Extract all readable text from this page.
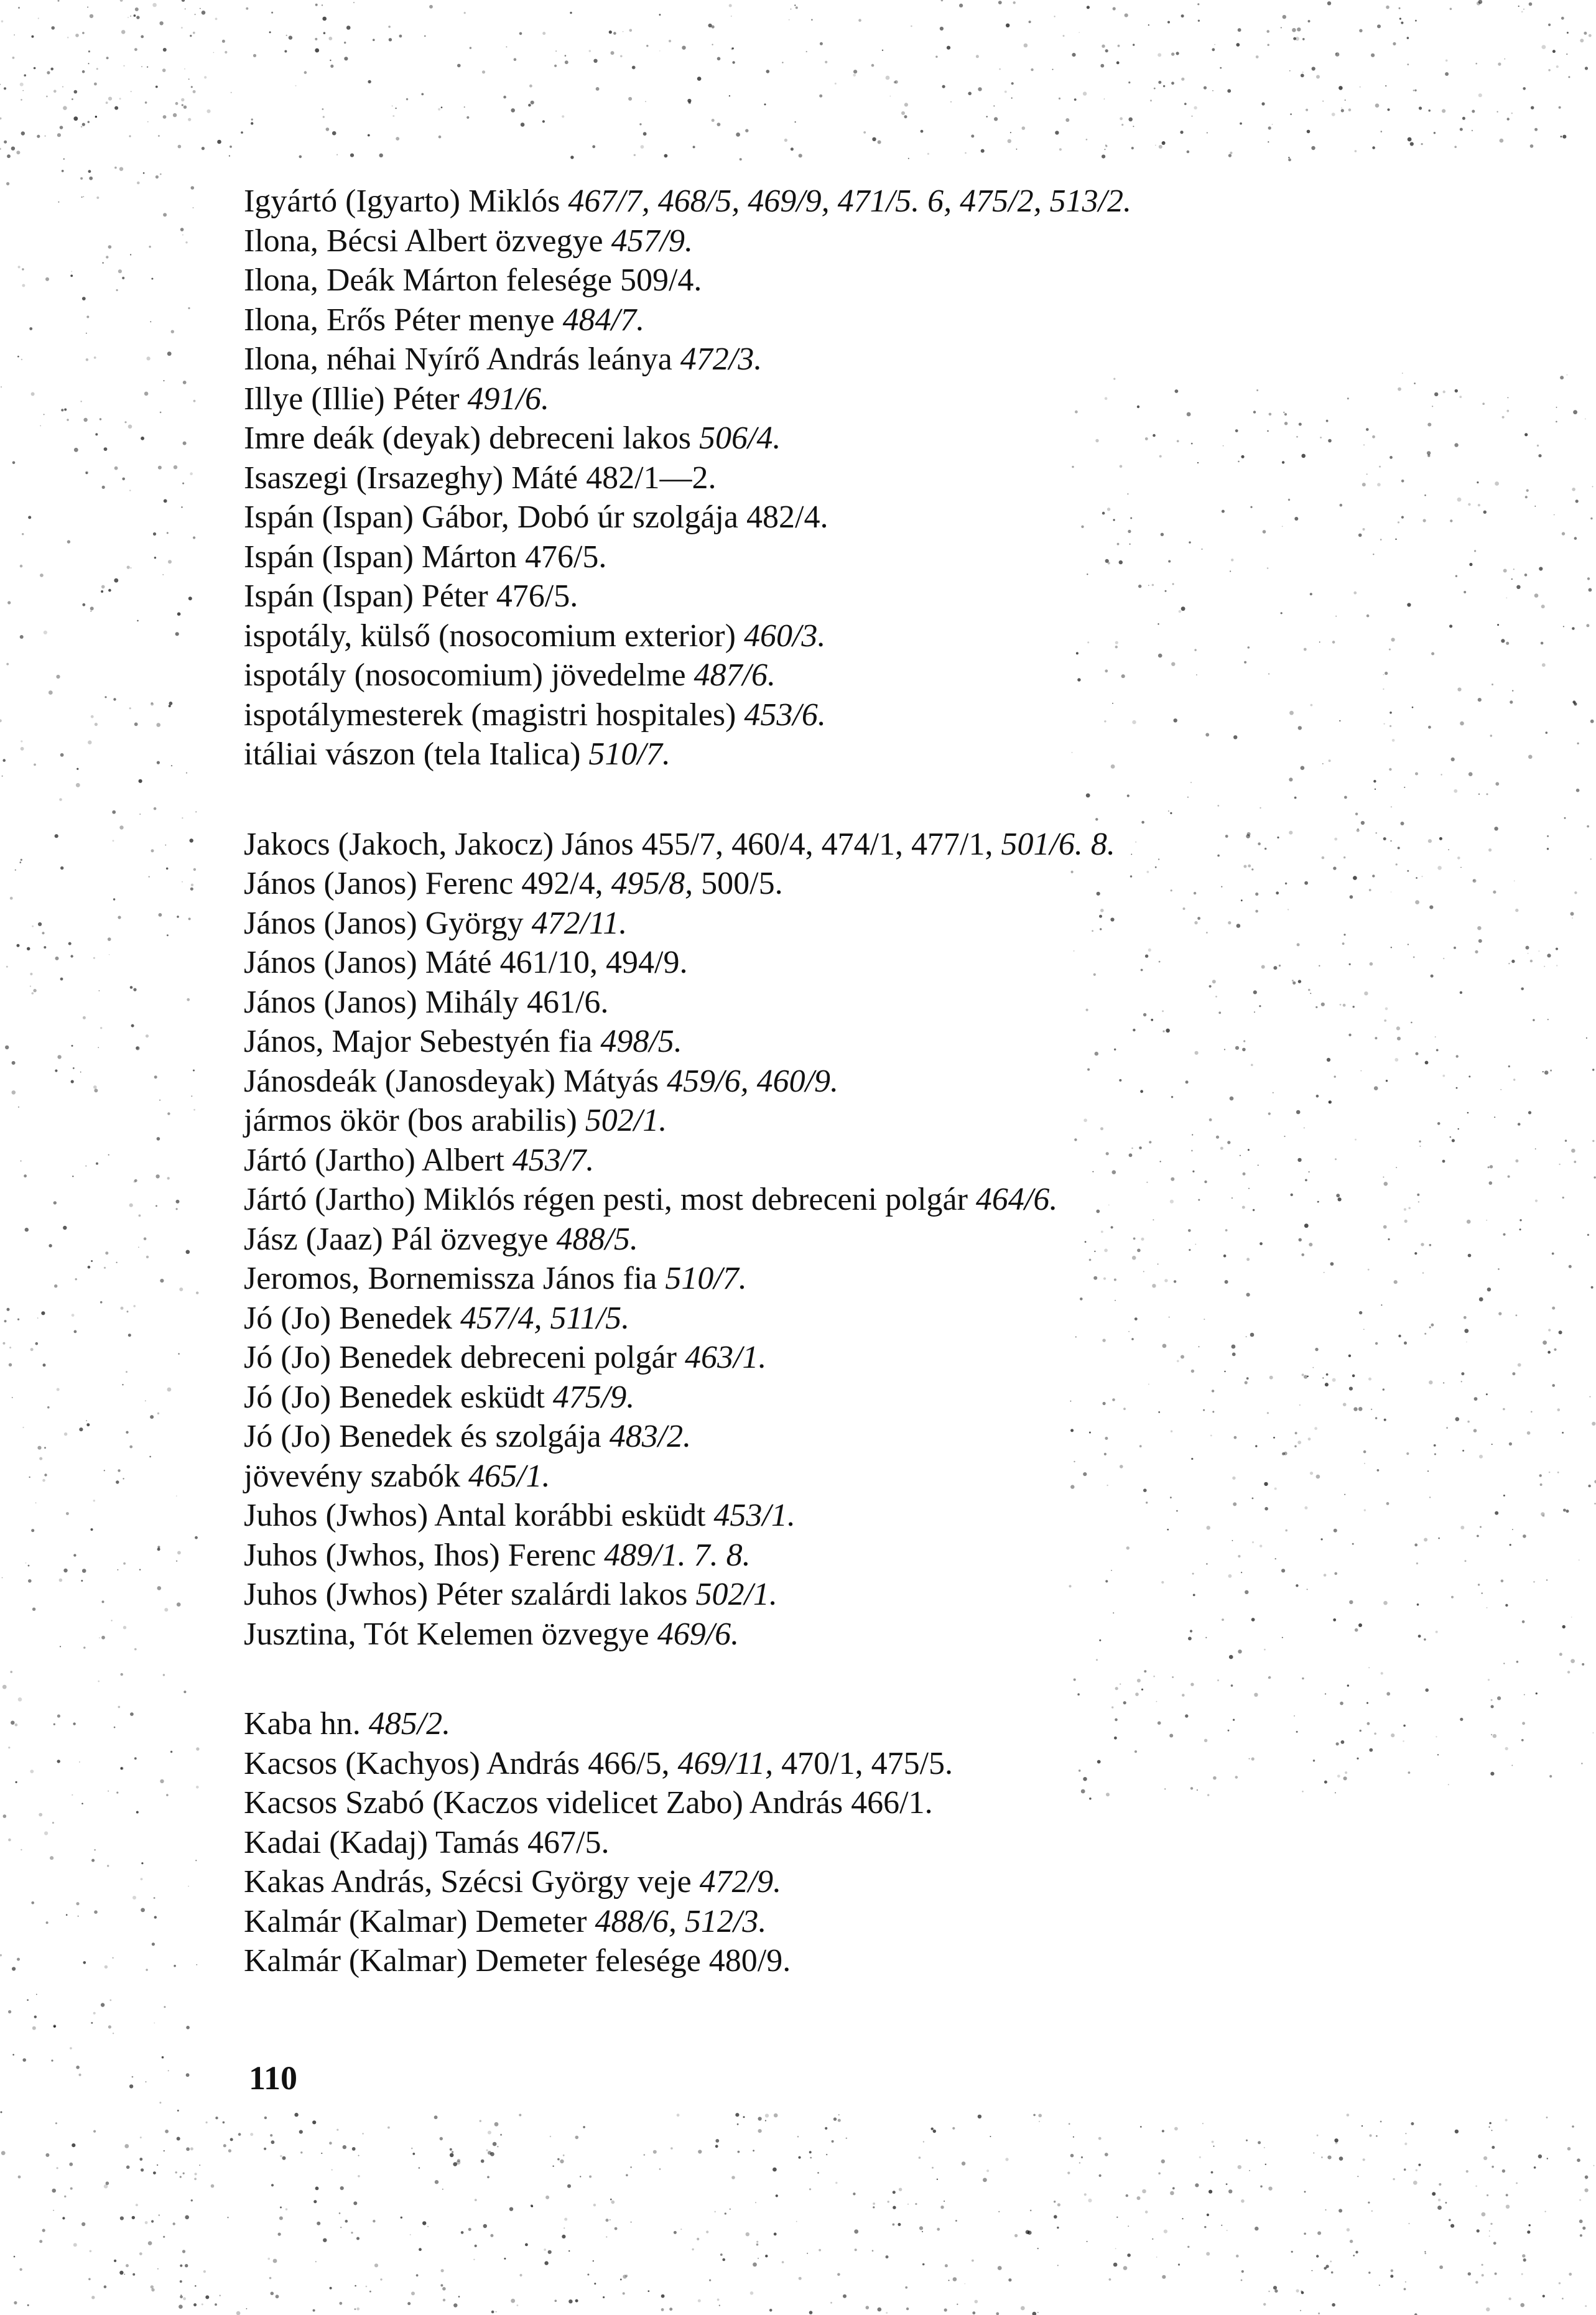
Igyártó (Igyarto) Miklós 467/7, 468/5, 469/9, 471/5. 6, 475/2, 513/2.
Ilona, Bécsi Albert özvegye 457/9.
Ilona, Deák Márton felesége 509/4.
Ilona, Erős Péter menye 484/7.
Ilona, néhai Nyírő András leánya 472/3.
Illye (Illie) Péter 491/6.
Imre deák (deyak) debreceni lakos 506/4.
Isaszegi (Irsazeghy) Máté 482/1—2.
Ispán (Ispan) Gábor, Dobó úr szolgája 482/4.
Ispán (Ispan) Márton 476/5.
Ispán (Ispan) Péter 476/5.
ispotály, külső (nosocomium exterior) 460/3.
ispotály (nosocomium) jövedelme 487/6.
ispotálymesterek (magistri hospitales) 453/6.
itáliai vászon (tela Italica) 510/7.
Jakocs (Jakoch, Jakocz) János 455/7, 460/4, 474/1, 477/1, 501/6. 8.
János (Janos) Ferenc 492/4, 495/8, 500/5.
János (Janos) György 472/11.
János (Janos) Máté 461/10, 494/9.
János (Janos) Mihály 461/6.
János, Major Sebestyén fia 498/5.
Jánosdeák (Janosdeyak) Mátyás 459/6, 460/9.
jármos ökör (bos arabilis) 502/1.
Jártó (Jartho) Albert 453/7.
Jártó (Jartho) Miklós régen pesti, most debreceni polgár 464/6.
Jász (Jaaz) Pál özvegye 488/5.
Jeromos, Bornemissza János fia 510/7.
Jó (Jo) Benedek 457/4, 511/5.
Jó (Jo) Benedek debreceni polgár 463/1.
Jó (Jo) Benedek esküdt 475/9.
Jó (Jo) Benedek és szolgája 483/2.
jövevény szabók 465/1.
Juhos (Jwhos) Antal korábbi esküdt 453/1.
Juhos (Jwhos, Ihos) Ferenc 489/1. 7. 8.
Juhos (Jwhos) Péter szalárdi lakos 502/1.
Jusztina, Tót Kelemen özvegye 469/6.
Kaba hn. 485/2.
Kacsos (Kachyos) András 466/5, 469/11, 470/1, 475/5.
Kacsos Szabó (Kaczos videlicet Zabo) András 466/1.
Kadai (Kadaj) Tamás 467/5.
Kakas András, Szécsi György veje 472/9.
Kalmár (Kalmar) Demeter 488/6, 512/3.
Kalmár (Kalmar) Demeter felesége 480/9.
110
